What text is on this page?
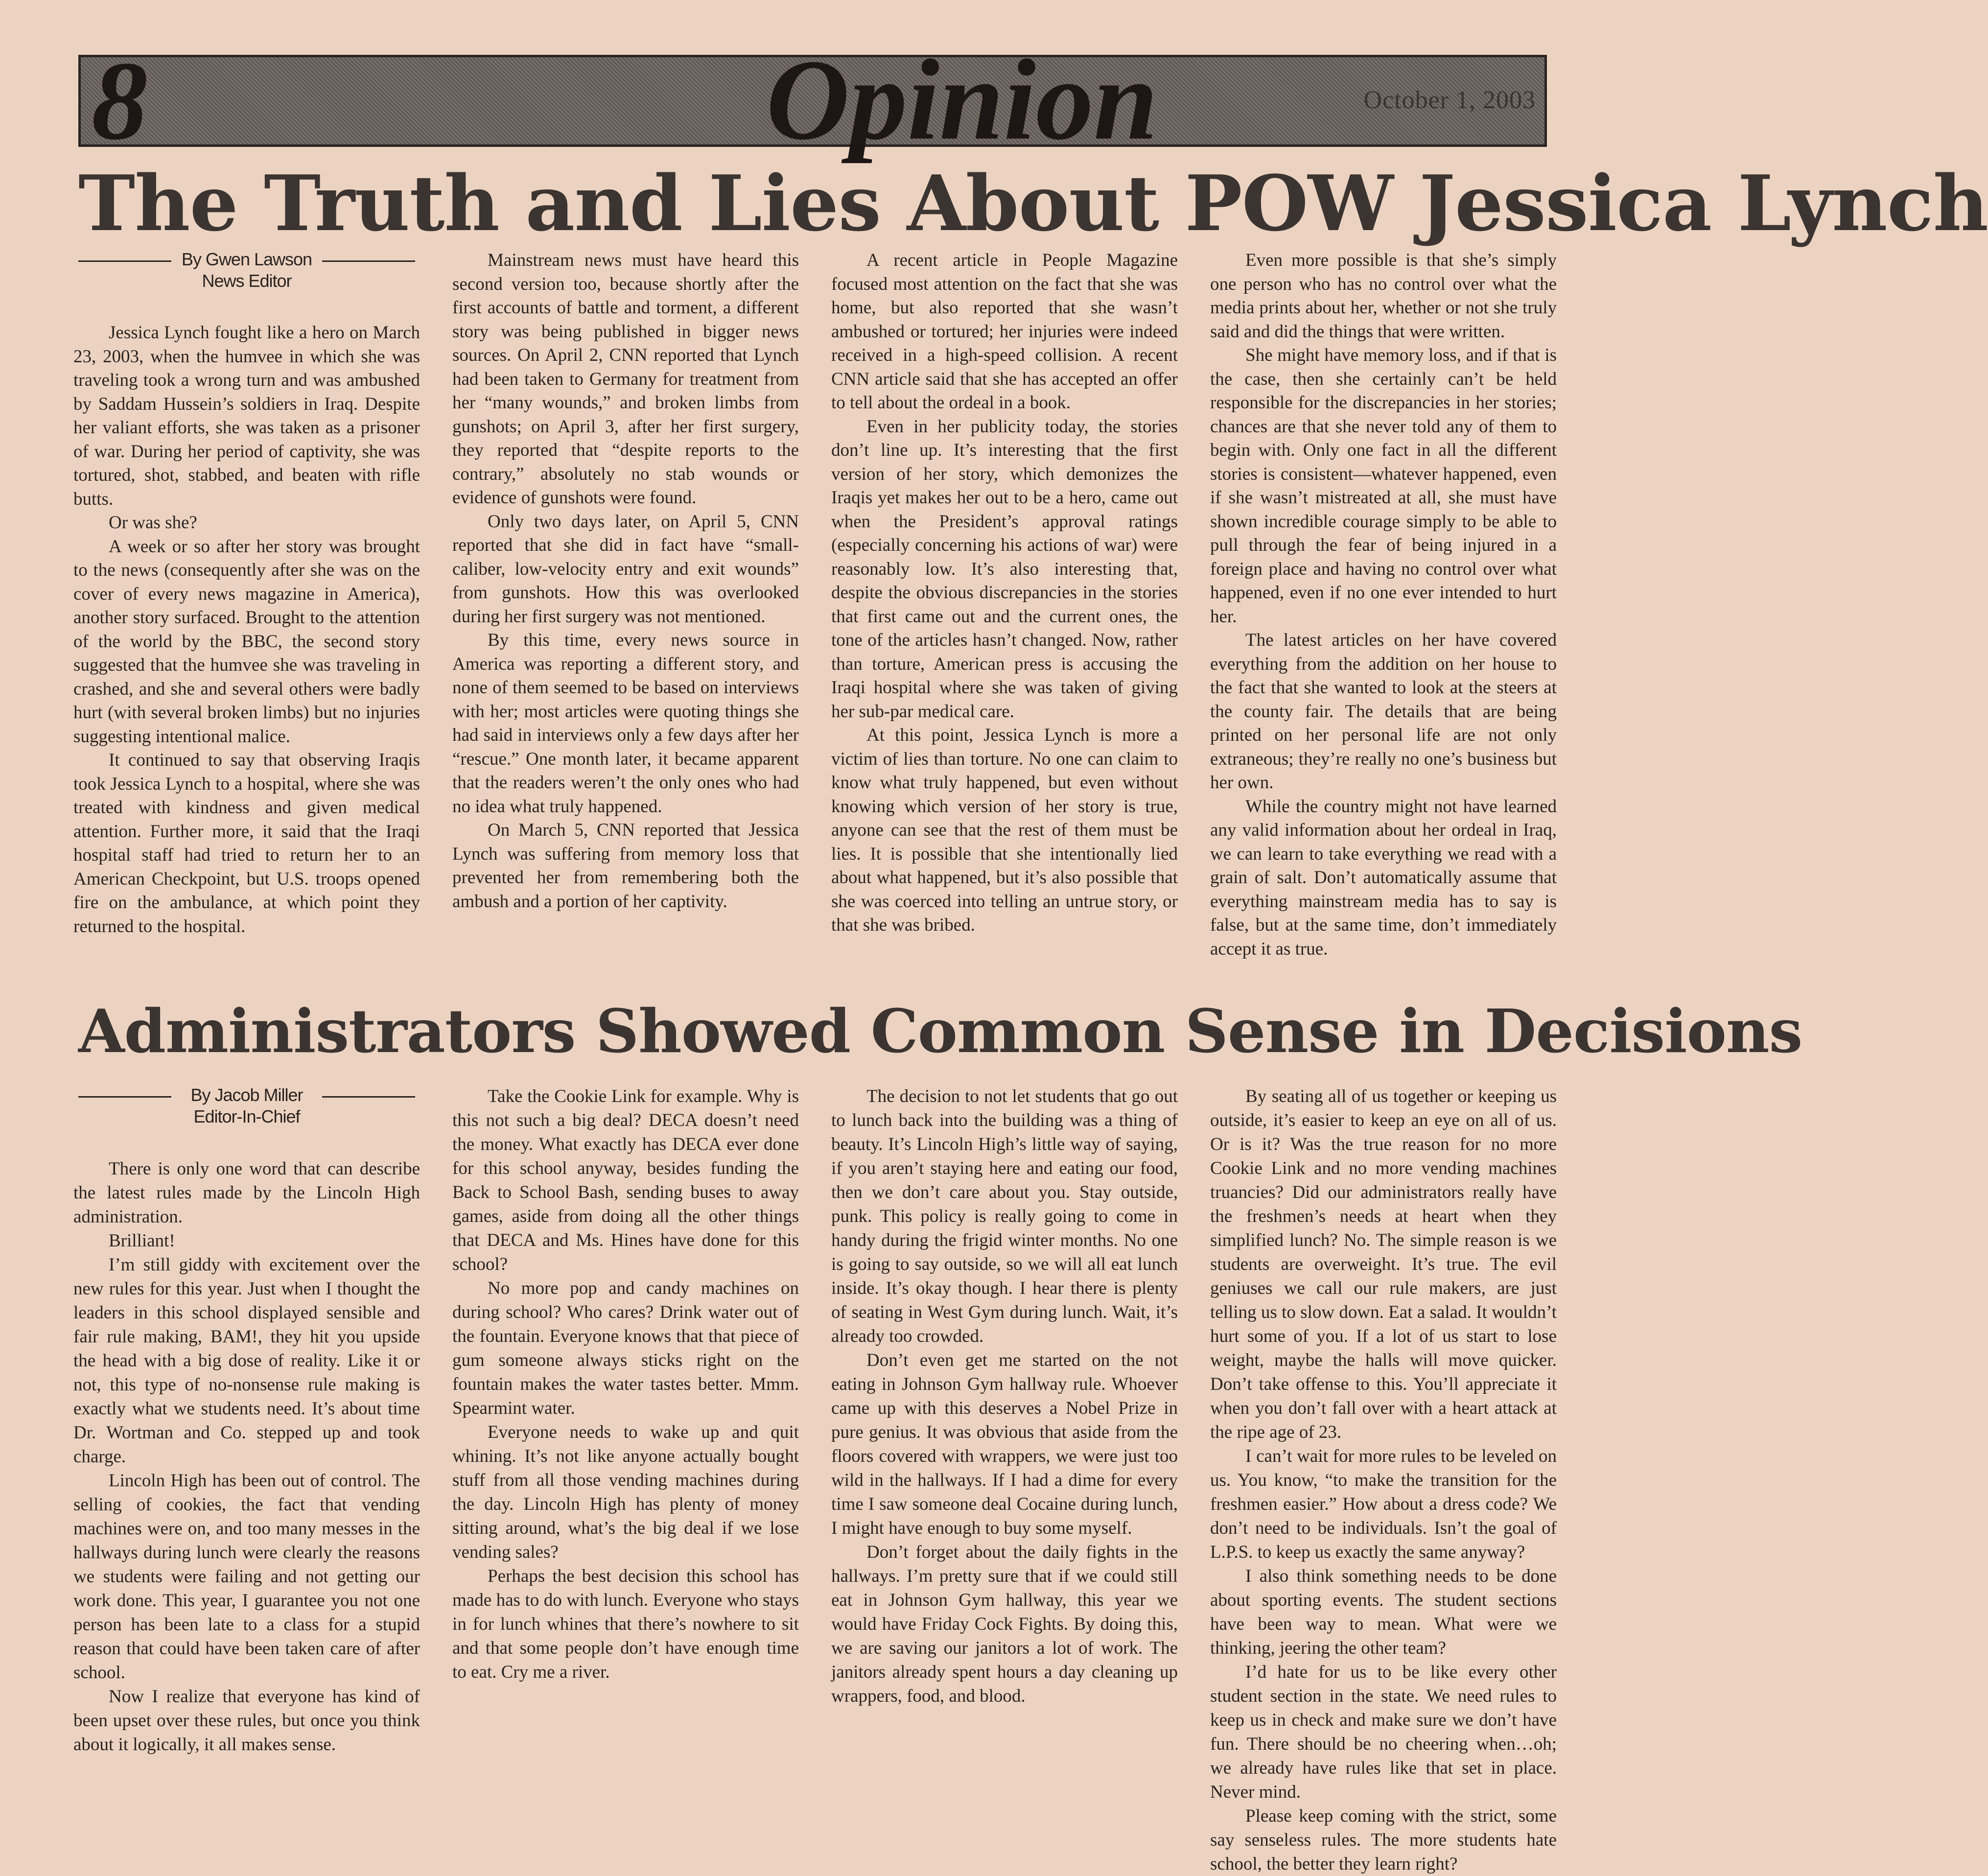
8	Opinion	October 1, 2003
The Truth and Lies About POW Jessica Lynch
By Gwen Lawson
News Editor

Jessica Lynch fought like a hero on March 23, 2003, when the humvee in which she was traveling took a wrong turn and was ambushed by Saddam Hussein’s soldiers in Iraq. Despite her valiant efforts, she was taken as a prisoner of war. During her period of captivity, she was tortured, shot, stabbed, and beaten with rifle butts.

Or was she?

A week or so after her story was brought to the news (consequently after she was on the cover of every news magazine in America), another story surfaced. Brought to the attention of the world by the BBC, the second story suggested that the humvee she was traveling in crashed, and she and several others were badly hurt (with several broken limbs) but no injuries suggesting intentional malice.

It continued to say that observing Iraqis took Jessica Lynch to a hospital, where she was treated with kindness and given medical attention. Further more, it said that the Iraqi hospital staff had tried to return her to an American Checkpoint, but U.S. troops opened fire on the ambulance, at which point they returned to the hospital.

Mainstream news must have heard this second version too, because shortly after the first accounts of battle and torment, a different story was being published in bigger news sources. On April 2, CNN reported that Lynch had been taken to Germany for treatment from her “many wounds,” and broken limbs from gunshots; on April 3, after her first surgery, they reported that “despite reports to the contrary,” absolutely no stab wounds or evidence of gunshots were found.

Only two days later, on April 5, CNN reported that she did in fact have “small-caliber, low-velocity entry and exit wounds” from gunshots. How this was overlooked during her first surgery was not mentioned.

By this time, every news source in America was reporting a different story, and none of them seemed to be based on interviews with her; most articles were quoting things she had said in interviews only a few days after her “rescue.” One month later, it became apparent that the readers weren’t the only ones who had no idea what truly happened.

On March 5, CNN reported that Jessica Lynch was suffering from memory loss that prevented her from remembering both the ambush and a portion of her captivity.

A recent article in People Magazine focused most attention on the fact that she was home, but also reported that she wasn’t ambushed or tortured; her injuries were indeed received in a high-speed collision. A recent CNN article said that she has accepted an offer to tell about the ordeal in a book.

Even in her publicity today, the stories don’t line up. It’s interesting that the first version of her story, which demonizes the Iraqis yet makes her out to be a hero, came out when the President’s approval ratings (especially concerning his actions of war) were reasonably low. It’s also interesting that, despite the obvious discrepancies in the stories that first came out and the current ones, the tone of the articles hasn’t changed. Now, rather than torture, American press is accusing the Iraqi hospital where she was taken of giving her sub-par medical care.

At this point, Jessica Lynch is more a victim of lies than torture. No one can claim to know what truly happened, but even without knowing which version of her story is true, anyone can see that the rest of them must be lies. It is possible that she intentionally lied about what happened, but it’s also possible that she was coerced into telling an untrue story, or that she was bribed.

Even more possible is that she’s simply one person who has no control over what the media prints about her, whether or not she truly said and did the things that were written.

She might have memory loss, and if that is the case, then she certainly can’t be held responsible for the discrepancies in her stories; chances are that she never told any of them to begin with. Only one fact in all the different stories is consistent—whatever happened, even if she wasn’t mistreated at all, she must have shown incredible courage simply to be able to pull through the fear of being injured in a foreign place and having no control over what happened, even if no one ever intended to hurt her.

The latest articles on her have covered everything from the addition on her house to the fact that she wanted to look at the steers at the county fair. The details that are being printed on her personal life are not only extraneous; they’re really no one’s business but her own.

While the country might not have learned any valid information about her ordeal in Iraq, we can learn to take everything we read with a grain of salt. Don’t automatically assume that everything mainstream media has to say is false, but at the same time, don’t immediately accept it as true.

Administrators Showed Common Sense in Decisions
By Jacob Miller
Editor-In-Chief

There is only one word that can describe the latest rules made by the Lincoln High administration.

Brilliant!

I’m still giddy with excitement over the new rules for this year. Just when I thought the leaders in this school displayed sensible and fair rule making, BAM!, they hit you upside the head with a big dose of reality. Like it or not, this type of no-nonsense rule making is exactly what we students need. It’s about time Dr. Wortman and Co. stepped up and took charge.

Lincoln High has been out of control. The selling of cookies, the fact that vending machines were on, and too many messes in the hallways during lunch were clearly the reasons we students were failing and not getting our work done. This year, I guarantee you not one person has been late to a class for a stupid reason that could have been taken care of after school.

Now I realize that everyone has kind of been upset over these rules, but once you think about it logically, it all makes sense.

Take the Cookie Link for example. Why is this not such a big deal? DECA doesn’t need the money. What exactly has DECA ever done for this school anyway, besides funding the Back to School Bash, sending buses to away games, aside from doing all the other things that DECA and Ms. Hines have done for this school?

No more pop and candy machines on during school? Who cares? Drink water out of the fountain. Everyone knows that that piece of gum someone always sticks right on the fountain makes the water tastes better. Mmm. Spearmint water.

Everyone needs to wake up and quit whining. It’s not like anyone actually bought stuff from all those vending machines during the day. Lincoln High has plenty of money sitting around, what’s the big deal if we lose vending sales?

Perhaps the best decision this school has made has to do with lunch. Everyone who stays in for lunch whines that there’s nowhere to sit and that some people don’t have enough time to eat. Cry me a river.

The decision to not let students that go out to lunch back into the building was a thing of beauty. It’s Lincoln High’s little way of saying, if you aren’t staying here and eating our food, then we don’t care about you. Stay outside, punk. This policy is really going to come in handy during the frigid winter months. No one is going to say outside, so we will all eat lunch inside. It’s okay though. I hear there is plenty of seating in West Gym during lunch. Wait, it’s already too crowded.

Don’t even get me started on the not eating in Johnson Gym hallway rule. Whoever came up with this deserves a Nobel Prize in pure genius. It was obvious that aside from the floors covered with wrappers, we were just too wild in the hallways. If I had a dime for every time I saw someone deal Cocaine during lunch, I might have enough to buy some myself.

Don’t forget about the daily fights in the hallways. I’m pretty sure that if we could still eat in Johnson Gym hallway, this year we would have Friday Cock Fights. By doing this, we are saving our janitors a lot of work. The janitors already spent hours a day cleaning up wrappers, food, and blood.

By seating all of us together or keeping us outside, it’s easier to keep an eye on all of us. Or is it? Was the true reason for no more Cookie Link and no more vending machines truancies? Did our administrators really have the freshmen’s needs at heart when they simplified lunch? No. The simple reason is we students are overweight. It’s true. The evil geniuses we call our rule makers, are just telling us to slow down. Eat a salad. It wouldn’t hurt some of you. If a lot of us start to lose weight, maybe the halls will move quicker. Don’t take offense to this. You’ll appreciate it when you don’t fall over with a heart attack at the ripe age of 23.

I can’t wait for more rules to be leveled on us. You know, “to make the transition for the freshmen easier.” How about a dress code? We don’t need to be individuals. Isn’t the goal of L.P.S. to keep us exactly the same anyway?

I also think something needs to be done about sporting events. The student sections have been way to mean. What were we thinking, jeering the other team?

I’d hate for us to be like every other student section in the state. We need rules to keep us in check and make sure we don’t have fun. There should be no cheering when…oh; we already have rules like that set in place. Never mind.

Please keep coming with the strict, some say senseless rules. The more students hate school, the better they learn right?
